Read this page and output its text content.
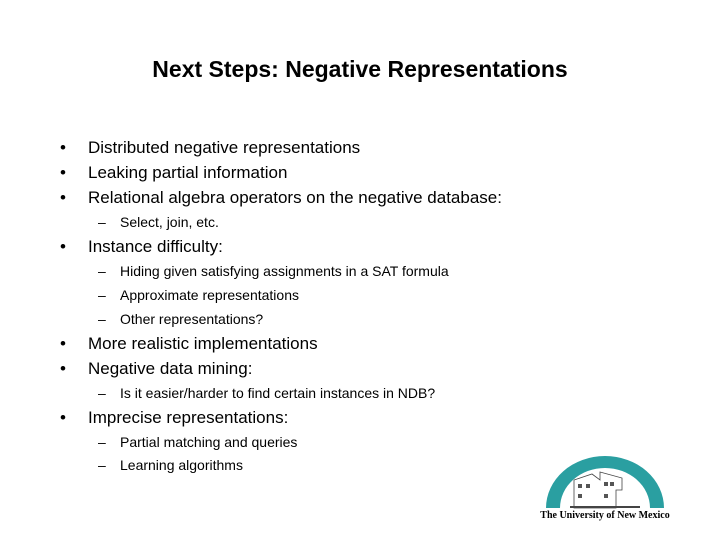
Next Steps: Negative Representations
• Distributed negative representations
• Leaking partial information
• Relational algebra operators on the negative database:
– Select, join, etc.
• Instance difficulty:
– Hiding given satisfying assignments in a SAT formula
– Approximate representations
– Other representations?
• More realistic implementations
• Negative data mining:
– Is it easier/harder to find certain instances in NDB?
• Imprecise representations:
– Partial matching and queries
– Learning algorithms
The University of New Mexico
